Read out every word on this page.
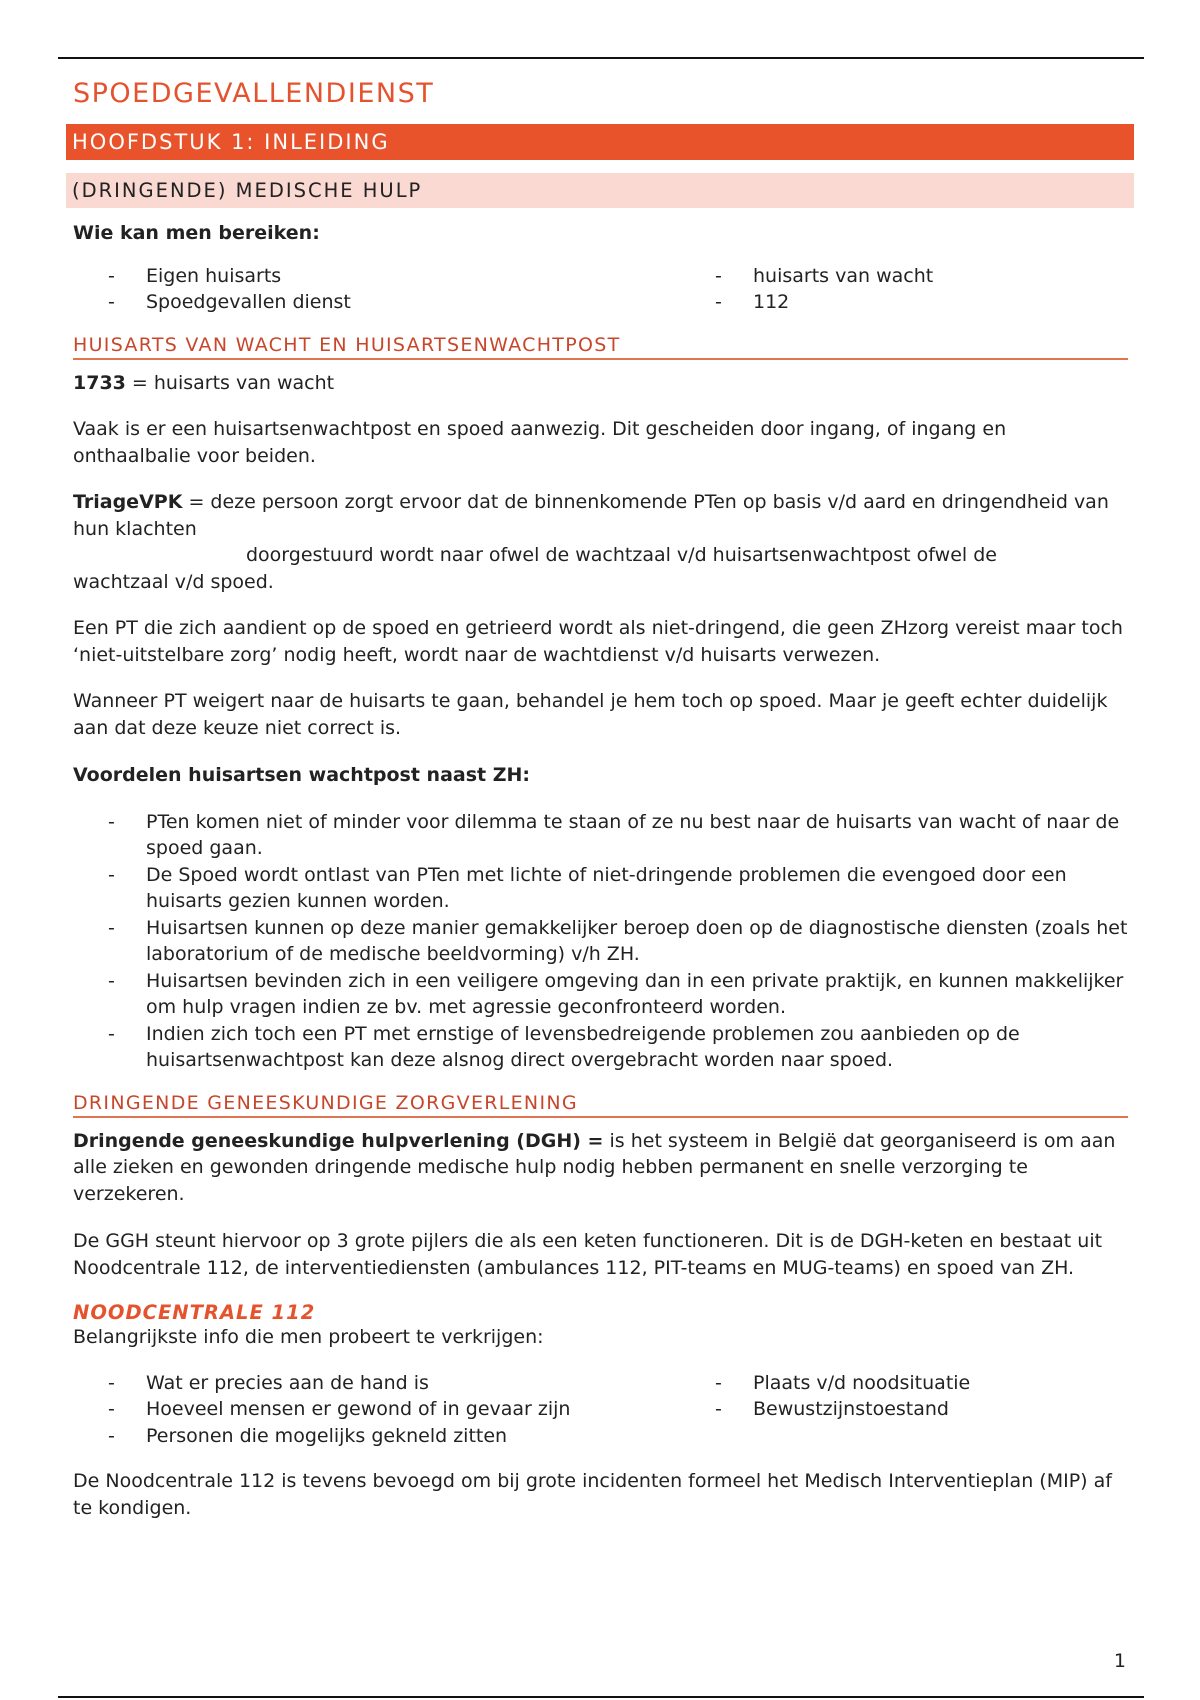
SPOEDGEVALLENDIENST
HOOFDSTUK 1: INLEIDING
(DRINGENDE) MEDISCHE HULP

Wie kan men bereiken:

- Eigen huisarts
- Spoedgevallen dienst
- huisarts van wacht
- 112
HUISARTS VAN WACHT EN HUISARTSENWACHTPOST

1733 = huisarts van wacht

Vaak is er een huisartsenwachtpost en spoed aanwezig. Dit gescheiden door ingang, of ingang en onthaalbalie voor beiden.

TriageVPK = deze persoon zorgt ervoor dat de binnenkomende PTen op basis v/d aard en dringendheid van hun klachten

doorgestuurd wordt naar ofwel de wachtzaal v/d huisartsenwachtpost ofwel de

wachtzaal v/d spoed.

Een PT die zich aandient op de spoed en getrieerd wordt als niet-dringend, die geen ZHzorg vereist maar toch ‘niet-uitstelbare zorg’ nodig heeft, wordt naar de wachtdienst v/d huisarts verwezen.

Wanneer PT weigert naar de huisarts te gaan, behandel je hem toch op spoed. Maar je geeft echter duidelijk aan dat deze keuze niet correct is.

Voordelen huisartsen wachtpost naast ZH:

- PTen komen niet of minder voor dilemma te staan of ze nu best naar de huisarts van wacht of naar de spoed gaan.
- De Spoed wordt ontlast van PTen met lichte of niet-dringende problemen die evengoed door een huisarts gezien kunnen worden.
- Huisartsen kunnen op deze manier gemakkelijker beroep doen op de diagnostische diensten (zoals het laboratorium of de medische beeldvorming) v/h ZH.
- Huisartsen bevinden zich in een veiligere omgeving dan in een private praktijk, en kunnen makkelijker om hulp vragen indien ze bv. met agressie geconfronteerd worden.
- Indien zich toch een PT met ernstige of levensbedreigende problemen zou aanbieden op de huisartsenwachtpost kan deze alsnog direct overgebracht worden naar spoed.
DRINGENDE GENEESKUNDIGE ZORGVERLENING

Dringende geneeskundige hulpverlening (DGH) = is het systeem in België dat georganiseerd is om aan alle zieken en gewonden dringende medische hulp nodig hebben permanent en snelle verzorging te verzekeren.

De GGH steunt hiervoor op 3 grote pijlers die als een keten functioneren. Dit is de DGH-keten en bestaat uit Noodcentrale 112, de interventiediensten (ambulances 112, PIT-teams en MUG-teams) en spoed van ZH.

NOODCENTRALE 112

Belangrijkste info die men probeert te verkrijgen:

- Wat er precies aan de hand is
- Hoeveel mensen er gewond of in gevaar zijn
- Personen die mogelijks gekneld zitten
- Plaats v/d noodsituatie
- Bewustzijnstoestand

De Noodcentrale 112 is tevens bevoegd om bij grote incidenten formeel het Medisch Interventieplan (MIP) af te kondigen.

1
